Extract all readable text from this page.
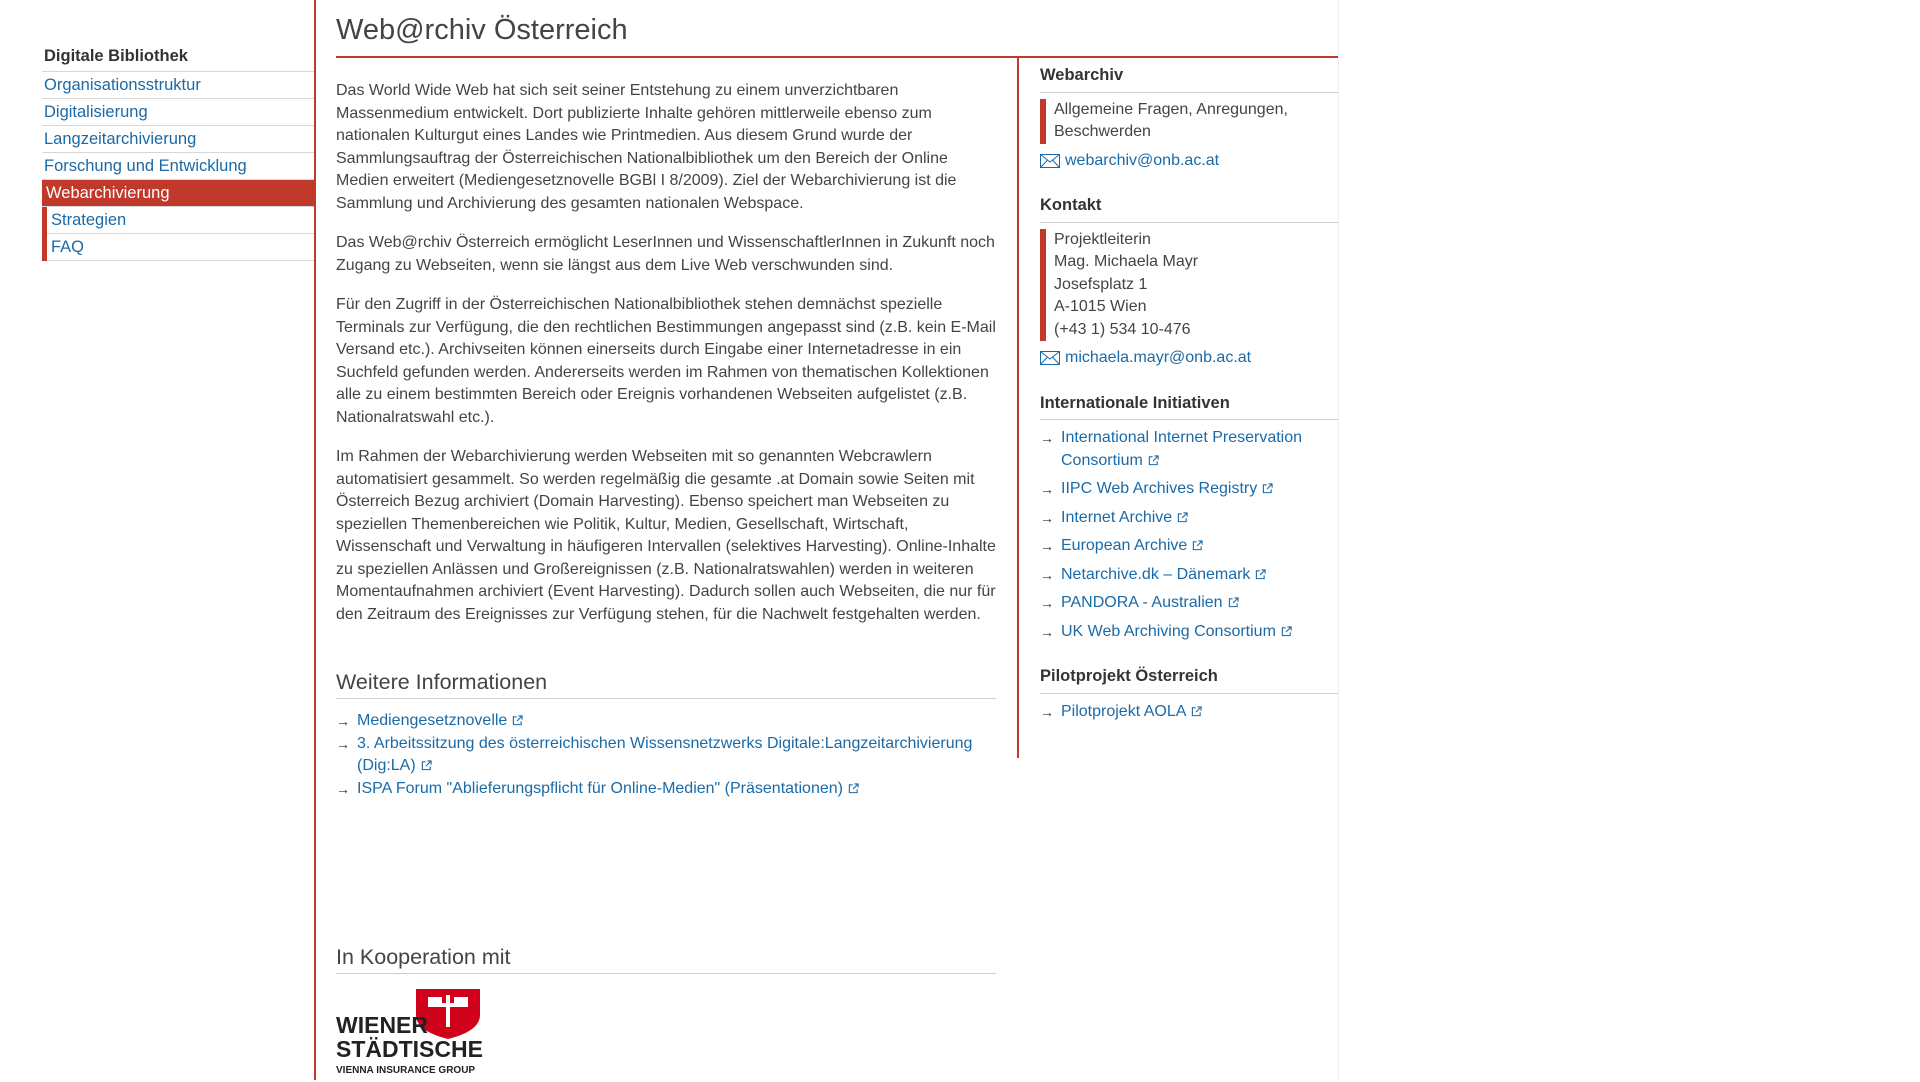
Digitale Bibliothek
Organisationsstruktur
Digitalisierung
Langzeitarchivierung
Forschung und Entwicklung
Webarchivierung
Strategien
FAQ
Web@rchiv Österreich

Das World Wide Web hat sich seit seiner Entstehung zu einem unverzichtbaren Massenmedium entwickelt. Dort publizierte Inhalte gehören mittlerweile ebenso zum nationalen Kulturgut eines Landes wie Printmedien. Aus diesem Grund wurde der Sammlungsauftrag der Österreichischen Nationalbibliothek um den Bereich der Online Medien erweitert (Mediengesetznovelle BGBl I 8/2009). Ziel der Webarchivierung ist die Sammlung und Archivierung des gesamten nationalen Webspace.

Das Web@rchiv Österreich ermöglicht LeserInnen und WissenschaftlerInnen in Zukunft noch Zugang zu Webseiten, wenn sie längst aus dem Live Web verschwunden sind.

Für den Zugriff in der Österreichischen Nationalbibliothek stehen demnächst spezielle Terminals zur Verfügung, die den rechtlichen Bestimmungen angepasst sind (z.B. kein E-Mail Versand etc.). Archivseiten können einerseits durch Eingabe einer Internetadresse in ein Suchfeld gefunden werden. Andererseits werden im Rahmen von thematischen Kollektionen alle zu einem bestimmten Bereich oder Ereignis vorhandenen Webseiten aufgelistet (z.B. Nationalratswahl etc.).

Im Rahmen der Webarchivierung werden Webseiten mit so genannten Webcrawlern automatisiert gesammelt. So werden regelmäßig die gesamte .at Domain sowie Seiten mit Österreich Bezug archiviert (Domain Harvesting). Ebenso speichert man Webseiten zu speziellen Themenbereichen wie Politik, Kultur, Medien, Gesellschaft, Wirtschaft, Wissenschaft und Verwaltung in häufigeren Intervallen (selektives Harvesting). Online-Inhalte zu speziellen Anlässen und Großereignissen (z.B. Nationalratswahlen) werden in weiteren Momentaufnahmen archiviert (Event Harvesting). Dadurch sollen auch Webseiten, die nur für den Zeitraum des Ereignisses zur Verfügung stehen, für die Nachwelt festgehalten werden.

Weitere Informationen
→ Mediengesetznovelle
→ 3. Arbeitssitzung des österreichischen Wissensnetzwerks Digitale:Langzeitarchivierung (Dig:LA)
→ ISPA Forum "Ablieferungspflicht für Online-Medien" (Präsentationen)
In Kooperation mit
WIENER
STÄDTISCHE
VIENNA INSURANCE GROUP
Webarchiv
Allgemeine Fragen, Anregungen, Beschwerden
webarchiv@onb.ac.at
Kontakt
Projektleiterin
Mag. Michaela Mayr
Josefsplatz 1
A-1015 Wien
(+43 1) 534 10-476
michaela.mayr@onb.ac.at
Internationale Initiativen
→ International Internet Preservation Consortium
→ IIPC Web Archives Registry
→ Internet Archive
→ European Archive
→ Netarchive.dk – Dänemark
→ PANDORA - Australien
→ UK Web Archiving Consortium
Pilotprojekt Österreich
→ Pilotprojekt AOLA
